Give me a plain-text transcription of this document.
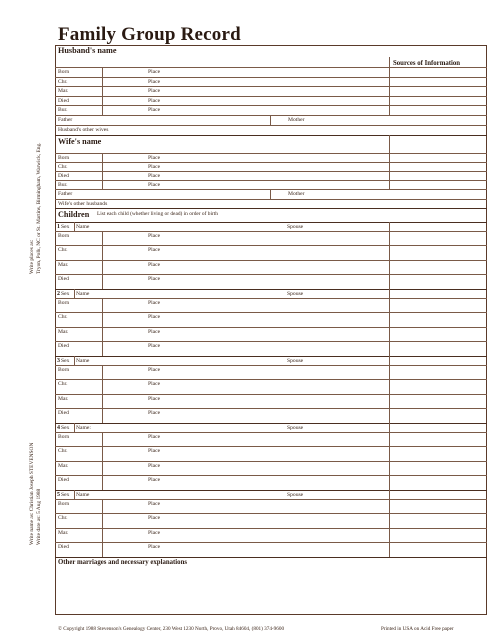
Family Group Record
Husband's name
Sources of Information
Born	Place
Chr.	Place
Mar.	Place
Died	Place
Bur.	Place
Father	Mother
Husband's other wives
Wife's name
Born	Place
Chr.	Place
Died	Place
Bur.	Place
Father	Mother
Wife's other husbands
Children List each child (whether living or dead) in order of birth
1Sex Name	Spouse
Born	Place
Chr.	Place
Mar.	Place
Died	Place
2Sex Name	Spouse
Born	Place
Chr.	Place
Mar.	Place
Died	Place
3Sex Name	Spouse
Born	Place
Chr.	Place
Mar.	Place
Died	Place
4Sex Name:	Spouse
Born	Place
Chr.	Place
Mar.	Place
Died	Place
5Sex Name	Spouse
Born	Place
Chr.	Place
Mar.	Place
Died	Place
Other marriages and necessary explanations
Write places as: Tryon, Polk, NC or St. Martins, Birmingham, Warwick, Eng.
Write name as: Christian Joseph STEVENSON Write date as: 5 Aug 1988
© Copyright 1988 Stevenson's Genealogy Center, 230 West 1230 North, Provo, Utah 84604, (801) 374-9600	Printed in USA on Acid Free paper
